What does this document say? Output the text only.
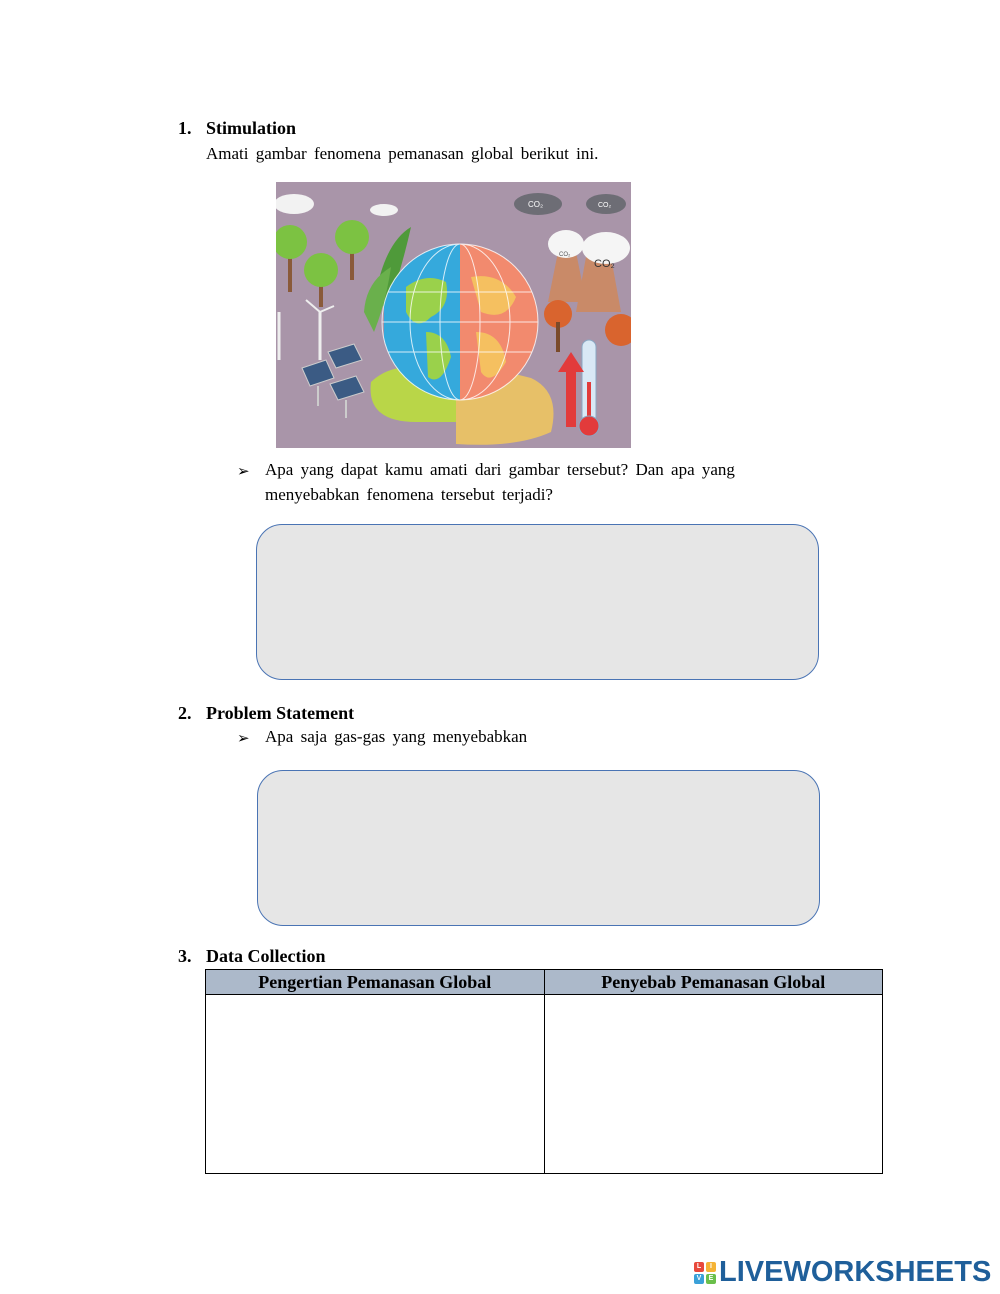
1. Stimulation
Amati gambar fenomena pemanasan global berikut ini.
CO₂	CO₂
CO₂
CO₂
➢ Apa yang dapat kamu amati dari gambar tersebut? Dan apa yang
menyebabkan fenomena tersebut terjadi?
2. Problem Statement
➢ Apa saja gas-gas yang menyebabkan
3. Data Collection
Pengertian Pemanasan Global	Penyebab Pemanasan Global

L	I
V	E LIVEWORKSHEETS
